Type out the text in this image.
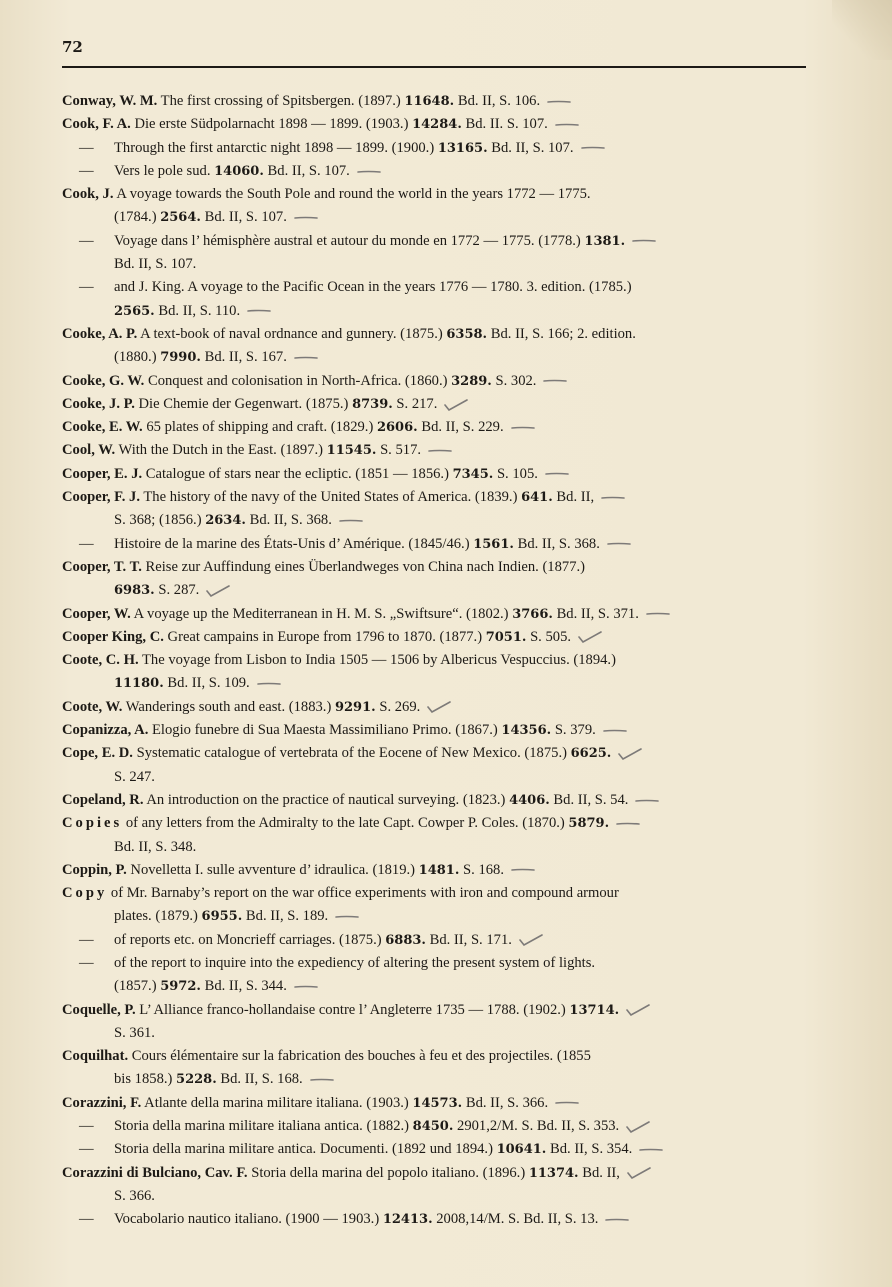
72
Conway, W. M. The first crossing of Spitsbergen. (1897.) 11648. Bd. II, S. 106.
Cook, F. A. Die erste Südpolarnacht 1898 — 1899. (1903.) 14284. Bd. II. S. 107.
— Through the first antarctic night 1898 — 1899. (1900.) 13165. Bd. II, S. 107.
— Vers le pole sud. 14060. Bd. II, S. 107.
Cook, J. A voyage towards the South Pole and round the world in the years 1772 — 1775.
(1784.) 2564. Bd. II, S. 107.
— Voyage dans l’ hémisphère austral et autour du monde en 1772 — 1775. (1778.) 1381.
Bd. II, S. 107.
— and J. King. A voyage to the Pacific Ocean in the years 1776 — 1780. 3. edition. (1785.)
2565. Bd. II, S. 110.
Cooke, A. P. A text-book of naval ordnance and gunnery. (1875.) 6358. Bd. II, S. 166; 2. edition.
(1880.) 7990. Bd. II, S. 167.
Cooke, G. W. Conquest and colonisation in North-Africa. (1860.) 3289. S. 302.
Cooke, J. P. Die Chemie der Gegenwart. (1875.) 8739. S. 217.
Cooke, E. W. 65 plates of shipping and craft. (1829.) 2606. Bd. II, S. 229.
Cool, W. With the Dutch in the East. (1897.) 11545. S. 517.
Cooper, E. J. Catalogue of stars near the ecliptic. (1851 — 1856.) 7345. S. 105.
Cooper, F. J. The history of the navy of the United States of America. (1839.) 641. Bd. II,
S. 368; (1856.) 2634. Bd. II, S. 368.
— Histoire de la marine des États-Unis d’ Amérique. (1845/46.) 1561. Bd. II, S. 368.
Cooper, T. T. Reise zur Auffindung eines Überlandweges von China nach Indien. (1877.)
6983. S. 287.
Cooper, W. A voyage up the Mediterranean in H. M. S. „Swiftsure“. (1802.) 3766. Bd. II, S. 371.
Cooper King, C. Great campains in Europe from 1796 to 1870. (1877.) 7051. S. 505.
Coote, C. H. The voyage from Lisbon to India 1505 — 1506 by Albericus Vespuccius. (1894.)
11180. Bd. II, S. 109.
Coote, W. Wanderings south and east. (1883.) 9291. S. 269.
Copanizza, A. Elogio funebre di Sua Maesta Massimiliano Primo. (1867.) 14356. S. 379.
Cope, E. D. Systematic catalogue of vertebrata of the Eocene of New Mexico. (1875.) 6625.
S. 247.
Copeland, R. An introduction on the practice of nautical surveying. (1823.) 4406. Bd. II, S. 54.
Copies of any letters from the Admiralty to the late Capt. Cowper P. Coles. (1870.) 5879.
Bd. II, S. 348.
Coppin, P. Novelletta I. sulle avventure d’ idraulica. (1819.) 1481. S. 168.
Copy of Mr. Barnaby’s report on the war office experiments with iron and compound armour
plates. (1879.) 6955. Bd. II, S. 189.
— of reports etc. on Moncrieff carriages. (1875.) 6883. Bd. II, S. 171.
— of the report to inquire into the expediency of altering the present system of lights.
(1857.) 5972. Bd. II, S. 344.
Coquelle, P. L’ Alliance franco-hollandaise contre l’ Angleterre 1735 — 1788. (1902.) 13714.
S. 361.
Coquilhat. Cours élémentaire sur la fabrication des bouches à feu et des projectiles. (1855
bis 1858.) 5228. Bd. II, S. 168.
Corazzini, F. Atlante della marina militare italiana. (1903.) 14573. Bd. II, S. 366.
— Storia della marina militare italiana antica. (1882.) 8450. 2901,2/M. S. Bd. II, S. 353.
— Storia della marina militare antica. Documenti. (1892 und 1894.) 10641. Bd. II, S. 354.
Corazzini di Bulciano, Cav. F. Storia della marina del popolo italiano. (1896.) 11374. Bd. II,
S. 366.
— Vocabolario nautico italiano. (1900 — 1903.) 12413. 2008,14/M. S. Bd. II, S. 13.
